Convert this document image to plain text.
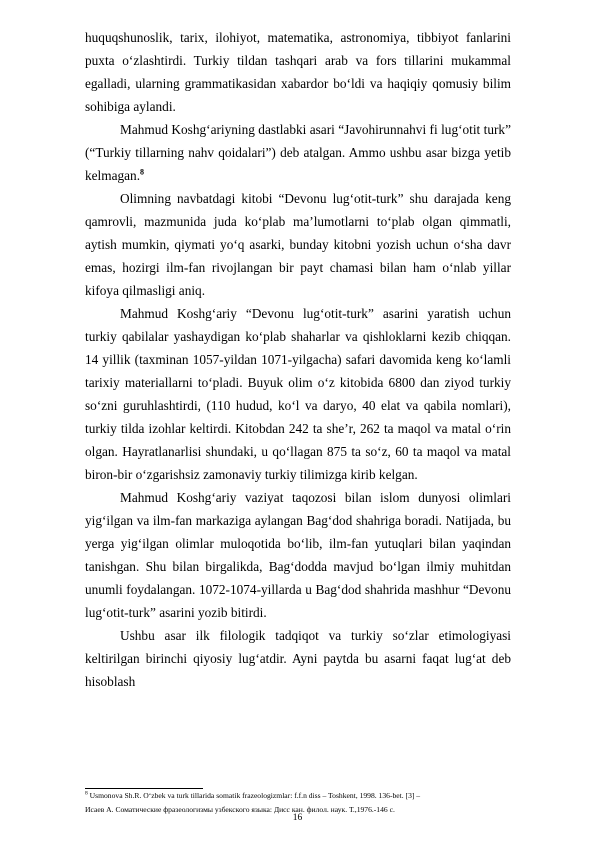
huquqshunoslik, tarix, ilohiyot, matematika, astronomiya, tibbiyot fanlarini puxta o‘zlashtirdi. Turkiy tildan tashqari arab va fors tillarini mukammal egalladi, ularning grammatikasidan xabardor bo‘ldi va haqiqiy qomusiy bilim sohibiga aylandi.

Mahmud Koshg‘ariyning dastlabki asari “Javohirunnahvi fi lug‘otit turk” (“Turkiy tillarning nahv qoidalari”) deb atalgan. Ammo ushbu asar bizga yetib kelmagan.$^8$

Olimning navbatdagi kitobi “Devonu lug‘otit-turk” shu darajada keng qamrovli, mazmunida juda ko‘plab ma’lumotlarni to‘plab olgan qimmatli, aytish mumkin, qiymati yo‘q asarki, bunday kitobni yozish uchun o‘sha davr emas, hozirgi ilm-fan rivojlangan bir payt chamasi bilan ham o‘nlab yillar kifoya qilmasligi aniq.

Mahmud Koshg‘ariy “Devonu lug‘otit-turk” asarini yaratish uchun turkiy qabilalar yashaydigan ko‘plab shaharlar va qishloklarni kezib chiqqan. 14 yillik (taxminan 1057-yildan 1071-yilgacha) safari davomida keng ko‘lamli tarixiy materiallarni to‘pladi. Buyuk olim o‘z kitobida 6800 dan ziyod turkiy so‘zni guruhlashtirdi, (110 hudud, ko‘l va daryo, 40 elat va qabila nomlari), turkiy tilda izohlar keltirdi. Kitobdan 242 ta she’r, 262 ta maqol va matal o‘rin olgan. Hayratlanarlisi shundaki, u qo‘llagan 875 ta so‘z, 60 ta maqol va matal biron-bir o‘zgarishsiz zamonaviy turkiy tilimizga kirib kelgan.

Mahmud Koshg‘ariy vaziyat taqozosi bilan islom dunyosi olimlari yig‘ilgan va ilm-fan markaziga aylangan Bag‘dod shahriga boradi. Natijada, bu yerga yig‘ilgan olimlar muloqotida bo‘lib, ilm-fan yutuqlari bilan yaqindan tanishgan. Shu bilan birgalikda, Bag‘dodda mavjud bo‘lgan ilmiy muhitdan unumli foydalangan. 1072-1074-yillarda u Bag‘dod shahrida mashhur “Devonu lug‘otit-turk” asarini yozib bitirdi.

Ushbu asar ilk filologik tadqiqot va turkiy so‘zlar etimologiyasi keltirilgan birinchi qiyosiy lug‘atdir. Ayni paytda bu asarni faqat lug‘at deb hisoblash

$^8$ Usmonova Sh.R. O‘zbek va turk tillarida somatik frazeologizmlar: f.f.n diss – Toshkent, 1998. 136-bet. [3] –
Исаев А. Соматические фразеологизмы узбекского языка: Дисс кан. филол. наук. Т.,1976.-146 с.
16
